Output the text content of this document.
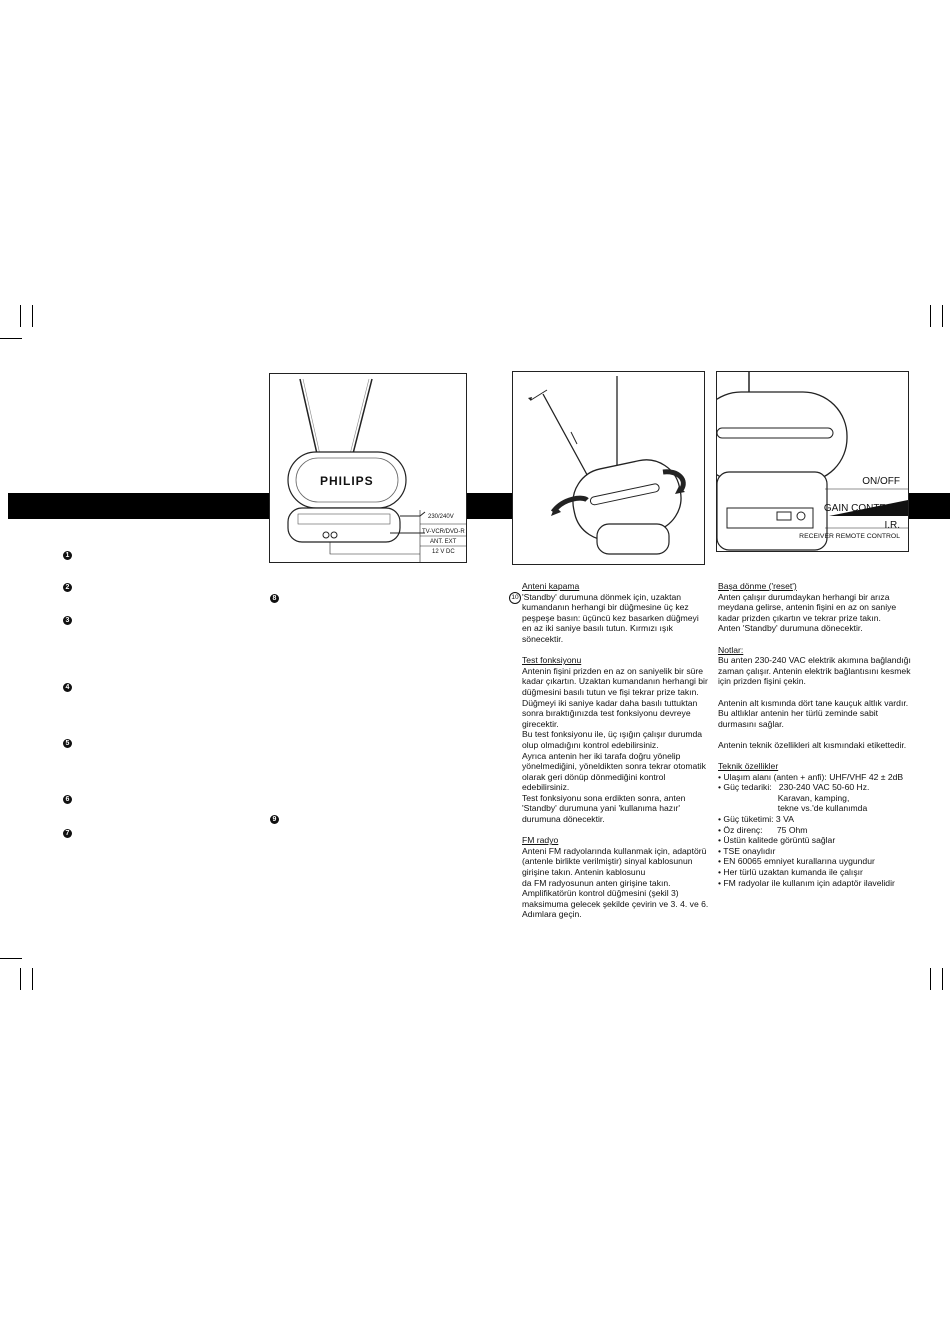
1
2
3
4
5
6
7
8
9
PHILIPS
230/240V
TV-VCR/DVD-R
ANT. EXT
12 V DC
ON/OFF
GAIN CONTROL
I.R.
RECEIVER REMOTE CONTROL
Anteni kapama
10 'Standby' durumuna dönmek için, uzaktan
kumandanın herhangi bir düğmesine üç kez
peşpeşe basın: üçüncü kez basarken düğmeyi
en az iki saniye basılı tutun. Kırmızı ışık sönecektir.

Test fonksiyonu

Antenin fişini prizden en az on saniyelik bir süre
kadar çıkartın. Uzaktan kumandanın herhangi bir
düğmesini basılı tutun ve fişi tekrar prize takın.
Düğmeyi iki saniye kadar daha basılı tuttuktan
sonra bıraktığınızda test fonksiyonu devreye
girecektir.
Bu test fonksiyonu ile, üç ışığın çalışır durumda
olup olmadığını kontrol edebilirsiniz.
Ayrıca antenin her iki tarafa doğru yönelip
yönelmediğini, yöneldikten sonra tekrar otomatik
olarak geri dönüp dönmediğini kontrol edebilirsiniz.
Test fonksiyonu sona erdikten sonra, anten
'Standby' durumuna yani 'kullanıma hazır'
durumuna dönecektir.

FM radyo

Anteni FM radyolarında kullanmak için, adaptörü
(antenle birlikte verilmiştir) sinyal kablosunun
girişine takın. Antenin kablosunu
da FM radyosunun anten girişine takın.
Amplifikatörün kontrol düğmesini (şekil 3)
maksimuma gelecek şekilde çevirin ve 3. 4. ve 6.
Adımlara geçin.

Başa dönme ('reset')

Anten çalışır durumdaykan herhangi bir arıza
meydana gelirse, antenin fişini en az on saniye
kadar prizden çıkartın ve tekrar prize takın.
Anten 'Standby' durumuna dönecektir.

Notlar:

Bu anten 230-240 VAC elektrik akımına bağlandığı
zaman çalışır. Antenin elektrik bağlantısını kesmek
için prizden fişini çekin.

Antenin alt kısmında dört tane kauçuk altlık vardır.
Bu altlıklar antenin her türlü zeminde sabit
durmasını sağlar.

Antenin teknik özellikleri alt kısmındaki etikettedir.

Teknik özellikler

• Ulaşım alanı (anten + anfi): UHF/VHF 42 ± 2dB

• Güç tedariki:   230-240 VAC 50-60 Hz.

Karavan, kamping,

tekne vs.'de kullanımda

• Güç tüketimi: 3 VA

• Öz direnç:      75 Ohm

• Üstün kalitede görüntü sağlar

• TSE onaylıdır

• EN 60065 emniyet kurallarına uygundur

• Her türlü uzaktan kumanda ile çalışır

• FM radyolar ile kullanım için adaptör ilavelidir
